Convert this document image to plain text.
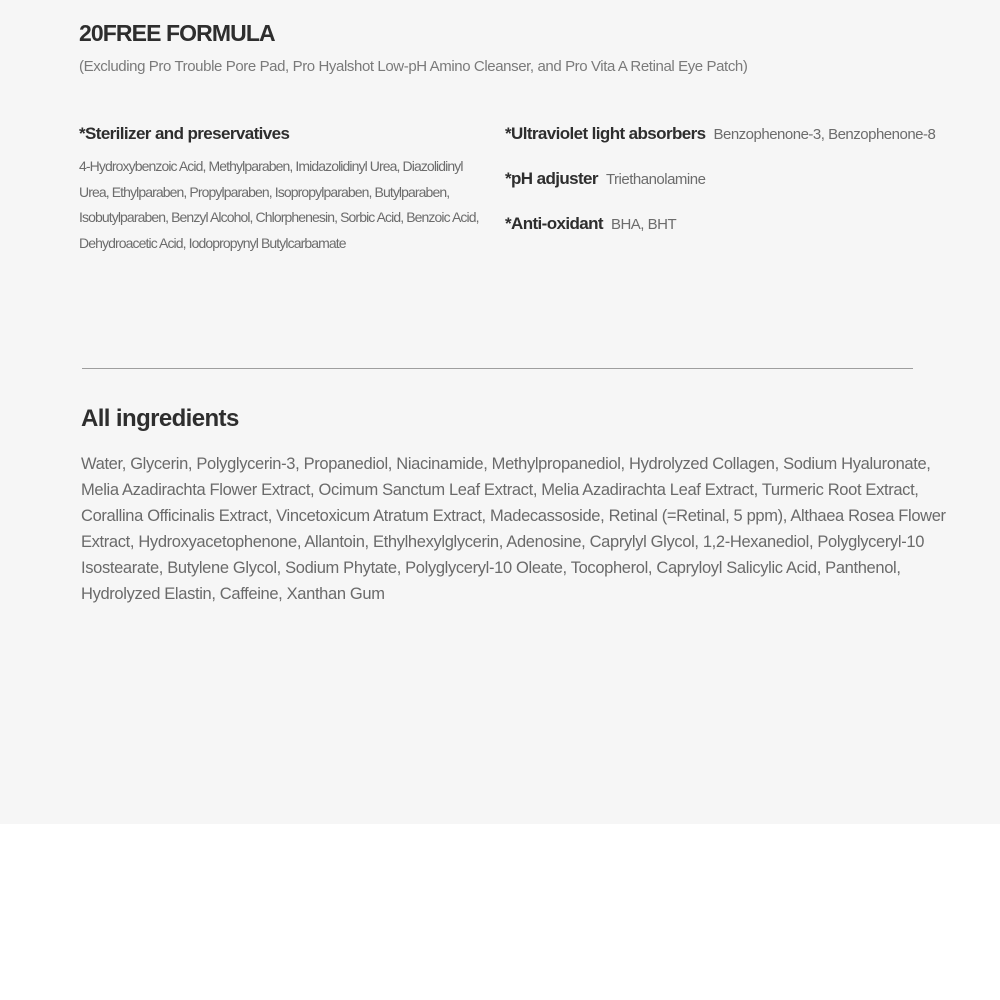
20FREE FORMULA
(Excluding Pro Trouble Pore Pad, Pro Hyalshot Low-pH Amino Cleanser, and Pro Vita A Retinal Eye Patch)
*Sterilizer and preservatives
4-Hydroxybenzoic Acid, Methylparaben, Imidazolidinyl Urea, Diazolidinyl Urea, Ethylparaben, Propylparaben, Isopropylparaben, Butylparaben, Isobutylparaben, Benzyl Alcohol, Chlorphenesin, Sorbic Acid, Benzoic Acid, Dehydroacetic Acid, Iodopropynyl Butylcarbamate
*Ultraviolet light absorbers Benzophenone-3, Benzophenone-8
*pH adjuster Triethanolamine
*Anti-oxidant BHA, BHT
All ingredients
Water, Glycerin, Polyglycerin-3, Propanediol, Niacinamide, Methylpropanediol, Hydrolyzed Collagen, Sodium Hyaluronate, Melia Azadirachta Flower Extract, Ocimum Sanctum Leaf Extract, Melia Azadirachta Leaf Extract, Turmeric Root Extract, Corallina Officinalis Extract, Vincetoxicum Atratum Extract, Madecassoside, Retinal (=Retinal, 5 ppm), Althaea Rosea Flower Extract, Hydroxyacetophenone, Allantoin, Ethylhexylglycerin, Adenosine, Caprylyl Glycol, 1,2-Hexanediol, Polyglyceryl-10 Isostearate, Butylene Glycol, Sodium Phytate, Polyglyceryl-10 Oleate, Tocopherol, Capryloyl Salicylic Acid, Panthenol, Hydrolyzed Elastin, Caffeine, Xanthan Gum
